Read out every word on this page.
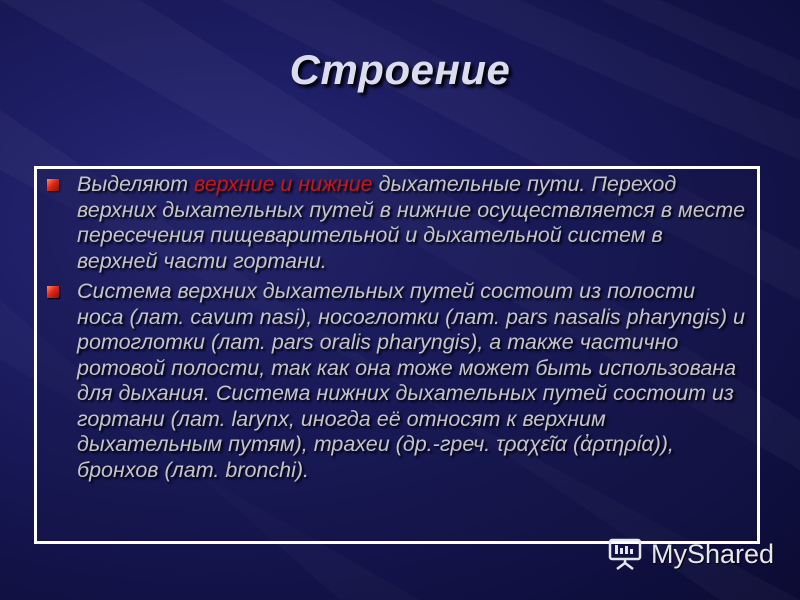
Строение
Выделяют верхние и нижние дыхательные пути. Переход верхних дыхательных путей в нижние осуществляется в месте пересечения пищеварительной и дыхательной систем в верхней части гортани.
Система верхних дыхательных путей состоит из полости носа (лат. cavum nasi), носоглотки (лат. pars nasalis pharyngis) и ротоглотки (лат. pars oralis pharyngis), а также частично ротовой полости, так как она тоже может быть использована для дыхания. Система нижних дыхательных путей состоит из гортани (лат. larynx, иногда её относят к верхним дыхательным путям), трахеи (др.-греч. τραχεῖα (ἀρτηρία)), бронхов (лат. bronchi).
MyShared
